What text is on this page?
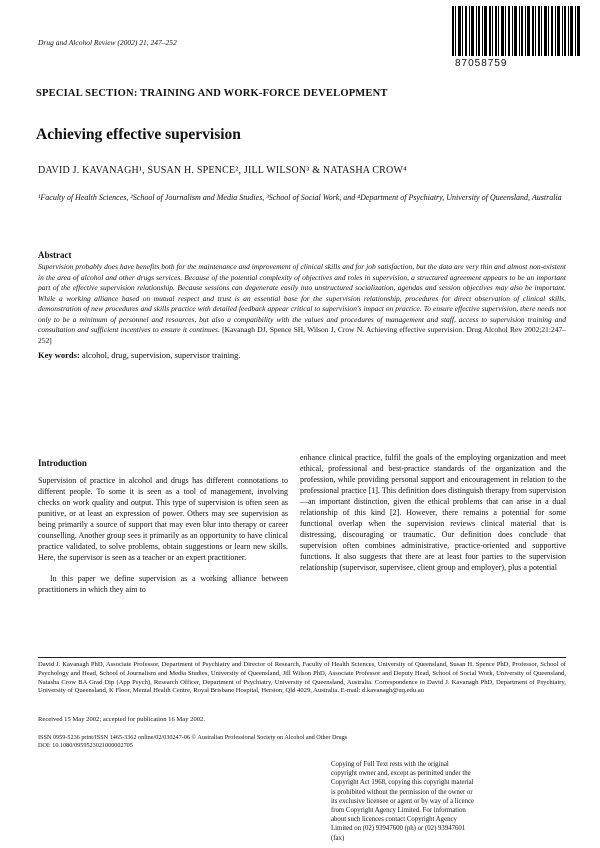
Drug and Alcohol Review (2002) 21, 247–252
87058759
SPECIAL SECTION: TRAINING AND WORK-FORCE DEVELOPMENT
Achieving effective supervision
DAVID J. KAVANAGH¹, SUSAN H. SPENCE², JILL WILSON³ & NATASHA CROW⁴
¹Faculty of Health Sciences, ²School of Journalism and Media Studies, ³School of Social Work, and ⁴Department of Psychiatry, University of Queensland, Australia
Abstract
Supervision probably does have benefits both for the maintenance and improvement of clinical skills and for job satisfaction, but the data are very thin and almost non-existent in the area of alcohol and other drugs services. Because of the potential complexity of objectives and roles in supervision, a structured agreement appears to be an important part of the effective supervision relationship. Because sessions can degenerate easily into unstructured socialization, agendas and session objectives may also be important. While a working alliance based on mutual respect and trust is an essential base for the supervision relationship, procedures for direct observation of clinical skills, demonstration of new procedures and skills practice with detailed feedback appear critical to supervision's impact on practice. To ensure effective supervision, there needs not only to be a minimum of personnel and resources, but also a compatibility with the values and procedures of management and staff, access to supervision training and consultation and sufficient incentives to ensure it continues. [Kavanagh DJ, Spence SH, Wilson J, Crow N. Achieving effective supervision. Drug Alcohol Rev 2002;21:247–252]
Key words: alcohol, drug, supervision, supervisor training.
Introduction

Supervision of practice in alcohol and drugs has different connotations to different people. To some it is seen as a tool of management, involving checks on work quality and output. This type of supervision is often seen as punitive, or at least an expression of power. Others may see supervision as being primarily a source of support that may even blur into therapy or career counselling. Another group sees it primarily as an opportunity to have clinical practice validated, to solve problems, obtain suggestions or learn new skills. Here, the supervisor is seen as a teacher or an expert practitioner.

In this paper we define supervision as a working alliance between practitioners in which they aim to

enhance clinical practice, fulfil the goals of the employing organization and meet ethical, professional and best-practice standards of the organization and the profession, while providing personal support and encouragement in relation to the professional practice [1]. This definition does distinguish therapy from supervision—an important distinction, given the ethical problems that can arise in a dual relationship of this kind [2]. However, there remains a potential for some functional overlap when the supervision reviews clinical material that is distressing, discouraging or traumatic. Our definition does conclude that supervision often combines administrative, practice-oriented and supportive functions. It also suggests that there are at least four parties to the supervision relationship (supervisor, supervisee, client group and employer), plus a potential

David J. Kavanagh PhD, Associate Professor, Department of Psychiatry and Director of Research, Faculty of Health Sciences, University of Queensland, Susan H. Spence PhD, Professor, School of Psychology and Head, School of Journalism and Media Studies, University of Queensland, Jill Wilson PhD, Associate Professor and Deputy Head, School of Social Work, University of Queensland, Natasha Crow BA Grad Dip (App Psych), Research Officer, Department of Psychiatry, University of Queensland, Australia. Correspondence to David J. Kavanagh PhD, Department of Psychiatry, University of Queensland, K Floor, Mental Health Centre, Royal Brisbane Hospital, Herston, Qld 4029, Australia. E-mail: d.kavanagh@uq.edu.au
Received 15 May 2002; accepted for publication 16 May 2002.
ISSN 0959-5236 print/ISSN 1465-3362 online/02/030247-06 © Australian Professional Society on Alcohol and Other Drugs
DOI: 10.1080/0959523021000002705
Copying of Full Text rests with the original
copyright owner and, except as permitted under the
Copyright Act 1968, copying this copyright material
is prohibited without the permission of the owner or
its exclusive licensee or agent or by way of a licence
from Copyright Agency Limited. For information
about such licences contact Copyright Agency
Limited on (02) 93947600 (ph) or (02) 93947601
(fax)
